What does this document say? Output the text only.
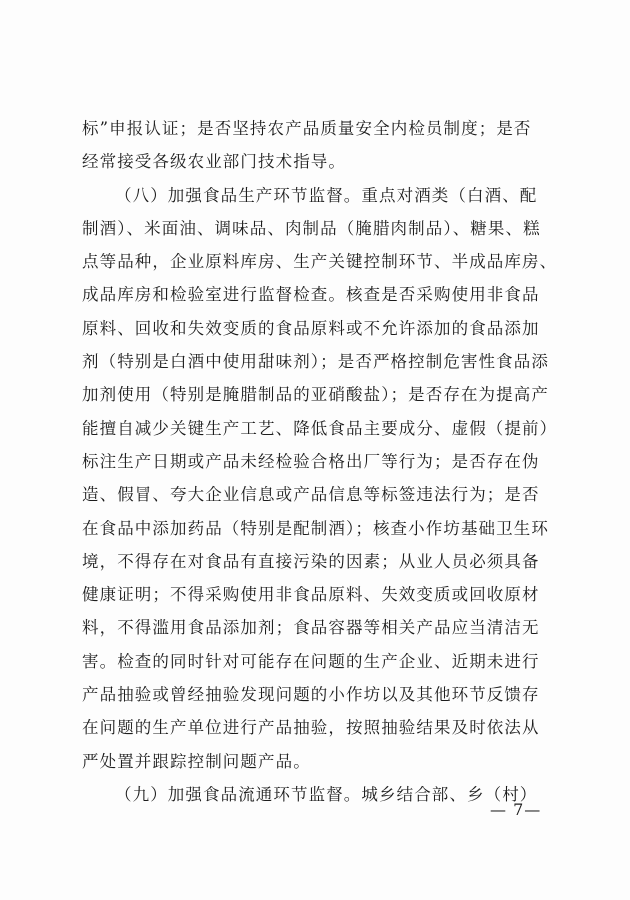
标”申报认证；是否坚持农产品质量安全内检员制度；是否
经常接受各级农业部门技术指导。
（八）加强食品生产环节监督。重点对酒类（白酒、配
制酒）、米面油、调味品、肉制品（腌腊肉制品）、糖果、糕
点等品种，企业原料库房、生产关键控制环节、半成品库房、
成品库房和检验室进行监督检查。核查是否采购使用非食品
原料、回收和失效变质的食品原料或不允许添加的食品添加
剂（特别是白酒中使用甜味剂）；是否严格控制危害性食品添
加剂使用（特别是腌腊制品的亚硝酸盐）；是否存在为提高产
能擅自减少关键生产工艺、降低食品主要成分、虚假（提前）
标注生产日期或产品未经检验合格出厂等行为；是否存在伪
造、假冒、夸大企业信息或产品信息等标签违法行为；是否
在食品中添加药品（特别是配制酒）；核查小作坊基础卫生环
境，不得存在对食品有直接污染的因素；从业人员必须具备
健康证明；不得采购使用非食品原料、失效变质或回收原材
料，不得滥用食品添加剂；食品容器等相关产品应当清洁无
害。检查的同时针对可能存在问题的生产企业、近期未进行
产品抽验或曾经抽验发现问题的小作坊以及其他环节反馈存
在问题的生产单位进行产品抽验，按照抽验结果及时依法从
严处置并跟踪控制问题产品。
（九）加强食品流通环节监督。城乡结合部、乡（村）
— 7—
